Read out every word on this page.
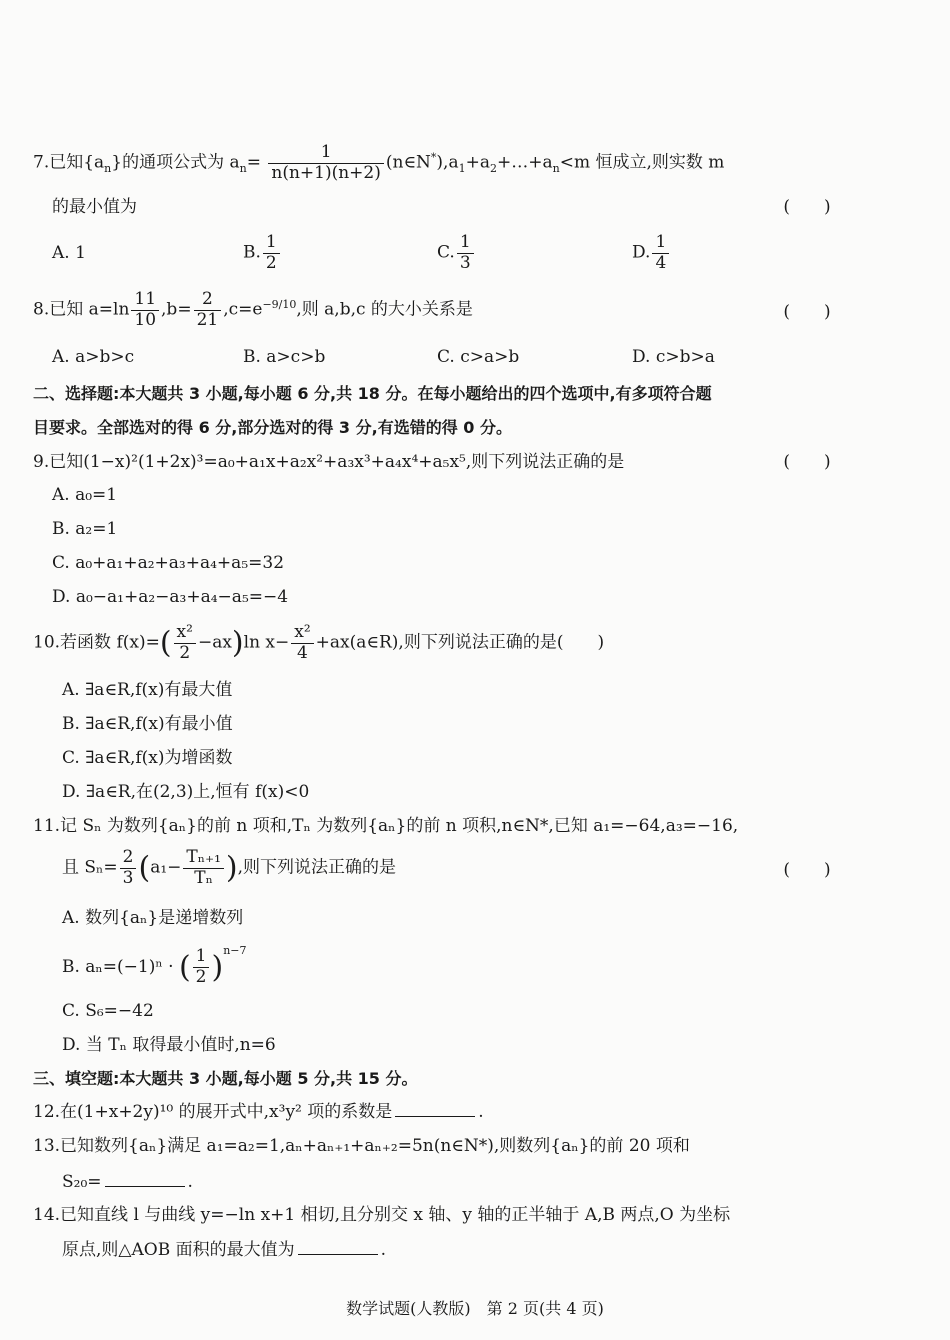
7.已知$\{a_n\}$的通项公式为 $a_n= \frac{1}{n(n+1)(n+2)}$ $(n\in N^*),a_1+a_2+\dots+a_n<m$ 恒成立,则实数 m
的最小值为	(　　)
A. 1	B. $\frac{1}{2}$	C. $\frac{1}{3}$	D. $\frac{1}{4}$
8.已知 $a=\ln \frac{11}{10} ,b= \frac{2}{21} ,c=e^{-9/10}$,则 a,b,c 的大小关系是	(　　)
A. a>b>c	B. a>c>b	C. c>a>b	D. c>b>a
二、选择题:本大题共 3 小题,每小题 6 分,共 18 分。在每小题给出的四个选项中,有多项符合题
目要求。全部选对的得 6 分,部分选对的得 3 分,有选错的得 0 分。
9.已知(1−x)²(1+2x)³=a₀+a₁x+a₂x²+a₃x³+a₄x⁴+a₅x⁵,则下列说法正确的是	(　　)
A. a₀=1
B. a₂=1
C. a₀+a₁+a₂+a₃+a₄+a₅=32
D. a₀−a₁+a₂−a₃+a₄−a₅=−4
10.若函数 $f(x)=( \frac{\text{x²}}{2} -ax)\ln$ $x- \frac{\text{x²}}{4}$ +ax(a∈R),则下列说法正确的是(　　)
A. ∃a∈R,f(x)有最大值
B. ∃a∈R,f(x)有最小值
C. ∃a∈R,f(x)为增函数
D. ∃a∈R,在(2,3)上,恒有 f(x)<0
11.记 Sₙ 为数列{aₙ}的前 n 项和,Tₙ 为数列{aₙ}的前 n 项积,n∈N*,已知 a₁=−64,a₃=−16,
且 $S_n= \frac{2}{3} (a_1- \frac{\text{Tₙ₊₁}}{\text{Tₙ}}$ ),则下列说法正确的是	(　　)
A. 数列{aₙ}是递增数列
B. aₙ=(−1)ⁿ · ( $\frac{1}{2} )^{n-7}$
C. S₆=−42
D. 当 Tₙ 取得最小值时,n=6
三、填空题:本大题共 3 小题,每小题 5 分,共 15 分。
12.在(1+x+2y)¹⁰ 的展开式中,x³y² 项的系数是	.
13.已知数列{aₙ}满足 a₁=a₂=1,aₙ+aₙ₊₁+aₙ₊₂=5n(n∈N*),则数列{aₙ}的前 20 项和
S₂₀=	.
14.已知直线 l 与曲线 y=−ln x+1 相切,且分别交 x 轴、y 轴的正半轴于 A,B 两点,O 为坐标
原点,则△AOB 面积的最大值为	.
数学试题(人教版)　第 2 页(共 4 页)
